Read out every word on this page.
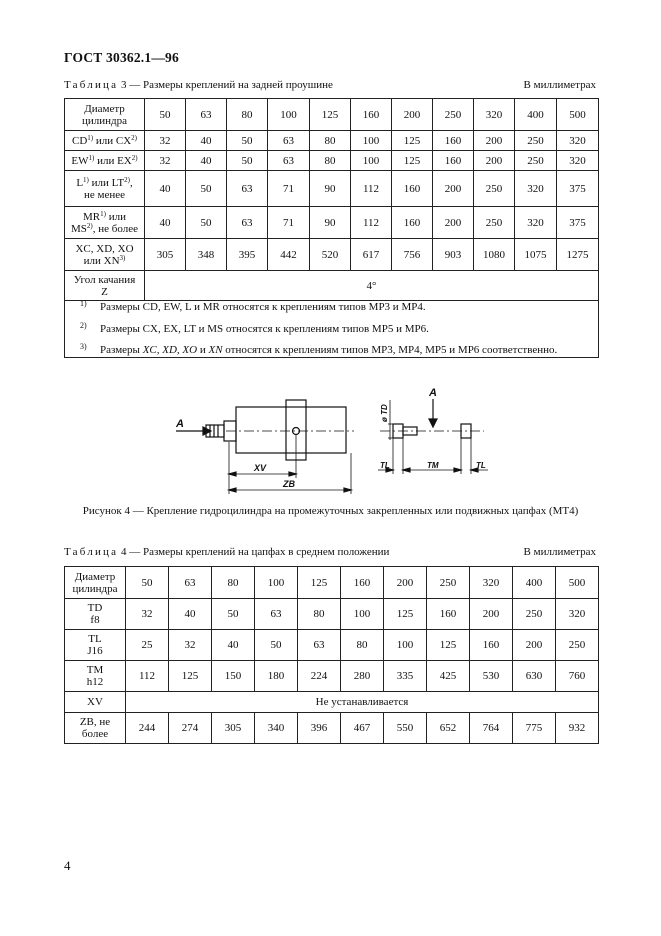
ГОСТ 30362.1—96
Таблица 3 — Размеры креплений на задней проушине	В миллиметрах
Диаметр
цилиндра	50	63	80	100	125	160	200	250	320	400	500
CD$^{1)}$ или CX$^{2)}$	32	40	50	63	80	100	125	160	200	250	320
EW$^{1)}$ или EX$^{2)}$	32	40	50	63	80	100	125	160	200	250	320
$L^{1)}$ или LT$^{2)}$,
не менее	40	50	63	71	90	112	160	200	250	320	375
MR$^{1)}$ или
MS$^{2)}$, не более	40	50	63	71	90	112	160	200	250	320	375
XC, XD, XO
или XN$^{3)}$	305	348	395	442	520	617	756	903	1080	1075	1275
Угол качания
Z	4°										
1) Размеры CD, EW, L и MR относятся к креплениям типов MP3 и MP4.
2) Размеры CX, EX, LT и MS относятся к креплениям типов MP5 и MP6.
3) Размеры XC, XD, XO и XN относятся к креплениям типов MP3, MP4, MP5 и MP6 соответственно.
A
A
XV
ZB
ø TD
TL	TM	TL
Рисунок 4 — Крепление гидроцилиндра на промежуточных закрепленных или подвижных цапфах (МТ4)
Таблица 4 — Размеры креплений на цапфах в среднем положении	В миллиметрах
Диаметр
цилиндра	50	63	80	100	125	160	200	250	320	400	500
TD
f8	32	40	50	63	80	100	125	160	200	250	320
TL
J16	25	32	40	50	63	80	100	125	160	200	250
TM
h12	112	125	150	180	224	280	335	425	530	630	760
XV	Не устанавливается										
ZB, не
более	244	274	305	340	396	467	550	652	764	775	932
4
